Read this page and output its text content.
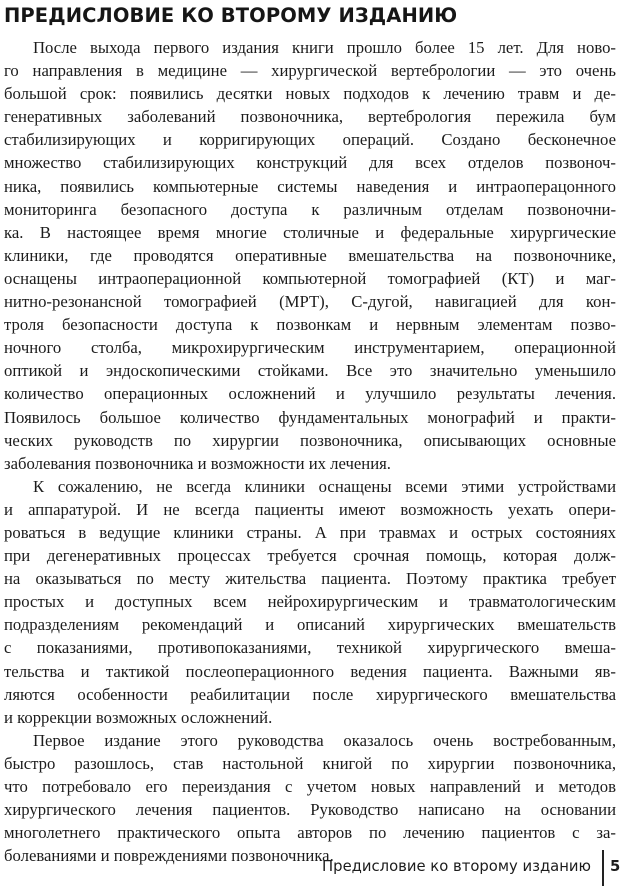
ПРЕДИСЛОВИЕ КО ВТОРОМУ ИЗДАНИЮ
После выхода первого издания книги прошло более 15 лет. Для ново-
го направления в медицине — хирургической вертебрологии — это очень
большой срок: появились десятки новых подходов к лечению травм и де-
генеративных заболеваний позвоночника, вертебрология пережила бум
стабилизирующих и корригирующих операций. Создано бесконечное
множество стабилизирующих конструкций для всех отделов позвоноч-
ника, появились компьютерные системы наведения и интраоперацонного
мониторинга безопасного доступа к различным отделам позвоночни-
ка. В настоящее время многие столичные и федеральные хирургические
клиники, где проводятся оперативные вмешательства на позвоночнике,
оснащены интраоперационной компьютерной томографией (КТ) и маг-
нитно-резонансной томографией (МРТ), С-дугой, навигацией для кон-
троля безопасности доступа к позвонкам и нервным элементам позво-
ночного столба, микрохирургическим инструментарием, операционной
оптикой и эндоскопическими стойками. Все это значительно уменьшило
количество операционных осложнений и улучшило результаты лечения.
Появилось большое количество фундаментальных монографий и практи-
ческих руководств по хирургии позвоночника, описывающих основные
заболевания позвоночника и возможности их лечения.
К сожалению, не всегда клиники оснащены всеми этими устройствами
и аппаратурой. И не всегда пациенты имеют возможность уехать опери-
роваться в ведущие клиники страны. А при травмах и острых состояниях
при дегенеративных процессах требуется срочная помощь, которая долж-
на оказываться по месту жительства пациента. Поэтому практика требует
простых и доступных всем нейрохирургическим и травматологическим
подразделениям рекомендаций и описаний хирургических вмешательств
с показаниями, противопоказаниями, техникой хирургического вмеша-
тельства и тактикой послеоперационного ведения пациента. Важными яв-
ляются особенности реабилитации после хирургического вмешательства
и коррекции возможных осложнений.
Первое издание этого руководства оказалось очень востребованным,
быстро разошлось, став настольной книгой по хирургии позвоночника,
что потребовало его переиздания с учетом новых направлений и методов
хирургического лечения пациентов. Руководство написано на основании
многолетнего практического опыта авторов по лечению пациентов с за-
болеваниями и повреждениями позвоночника.
Предисловие ко второму изданию 5
